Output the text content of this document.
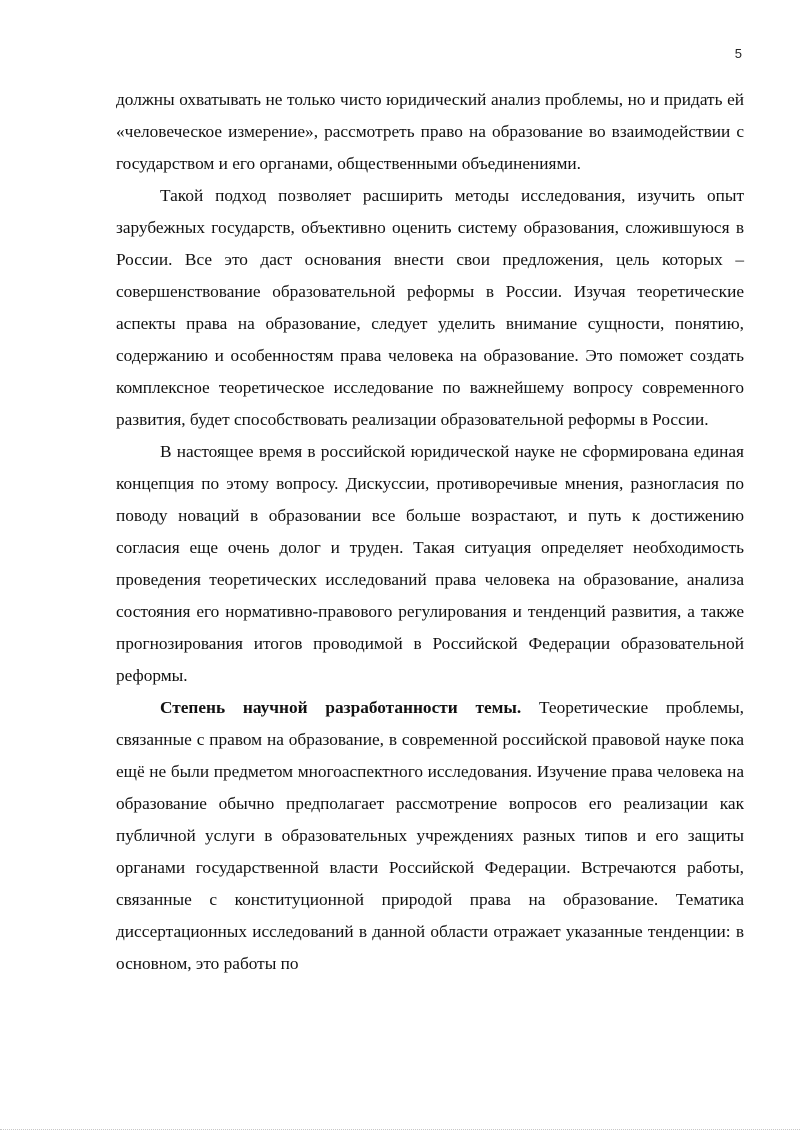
5

должны охватывать не только чисто юридический анализ проблемы, но и придать ей «человеческое измерение», рассмотреть право на образование во взаимодействии с государством и его органами, общественными объединениями.

Такой подход позволяет расширить методы исследования, изучить опыт зарубежных государств, объективно оценить систему образования, сложившуюся в России. Все это даст основания внести свои предложения, цель которых – совершенствование образовательной реформы в России. Изучая теоретические аспекты права на образование, следует уделить внимание сущности, понятию, содержанию и особенностям права человека на образование. Это поможет создать комплексное теоретическое исследование по важнейшему вопросу современного развития, будет способствовать реализации образовательной реформы в России.

В настоящее время в российской юридической науке не сформирована единая концепция по этому вопросу. Дискуссии, противоречивые мнения, разногласия по поводу новаций в образовании все больше возрастают, и путь к достижению согласия еще очень долог и труден. Такая ситуация определяет необходимость проведения теоретических исследований права человека на образование, анализа состояния его нормативно-правового регулирования и тенденций развития, а также прогнозирования итогов проводимой в Российской Федерации образовательной реформы.

Степень научной разработанности темы. Теоретические проблемы, связанные с правом на образование, в современной российской правовой науке пока ещё не были предметом многоаспектного исследования. Изучение права человека на образование обычно предполагает рассмотрение вопросов его реализации как публичной услуги в образовательных учреждениях разных типов и его защиты органами государственной власти Российской Федерации. Встречаются работы, связанные с конституционной природой права на образование. Тематика диссертационных исследований в данной области отражает указанные тенденции: в основном, это работы по
